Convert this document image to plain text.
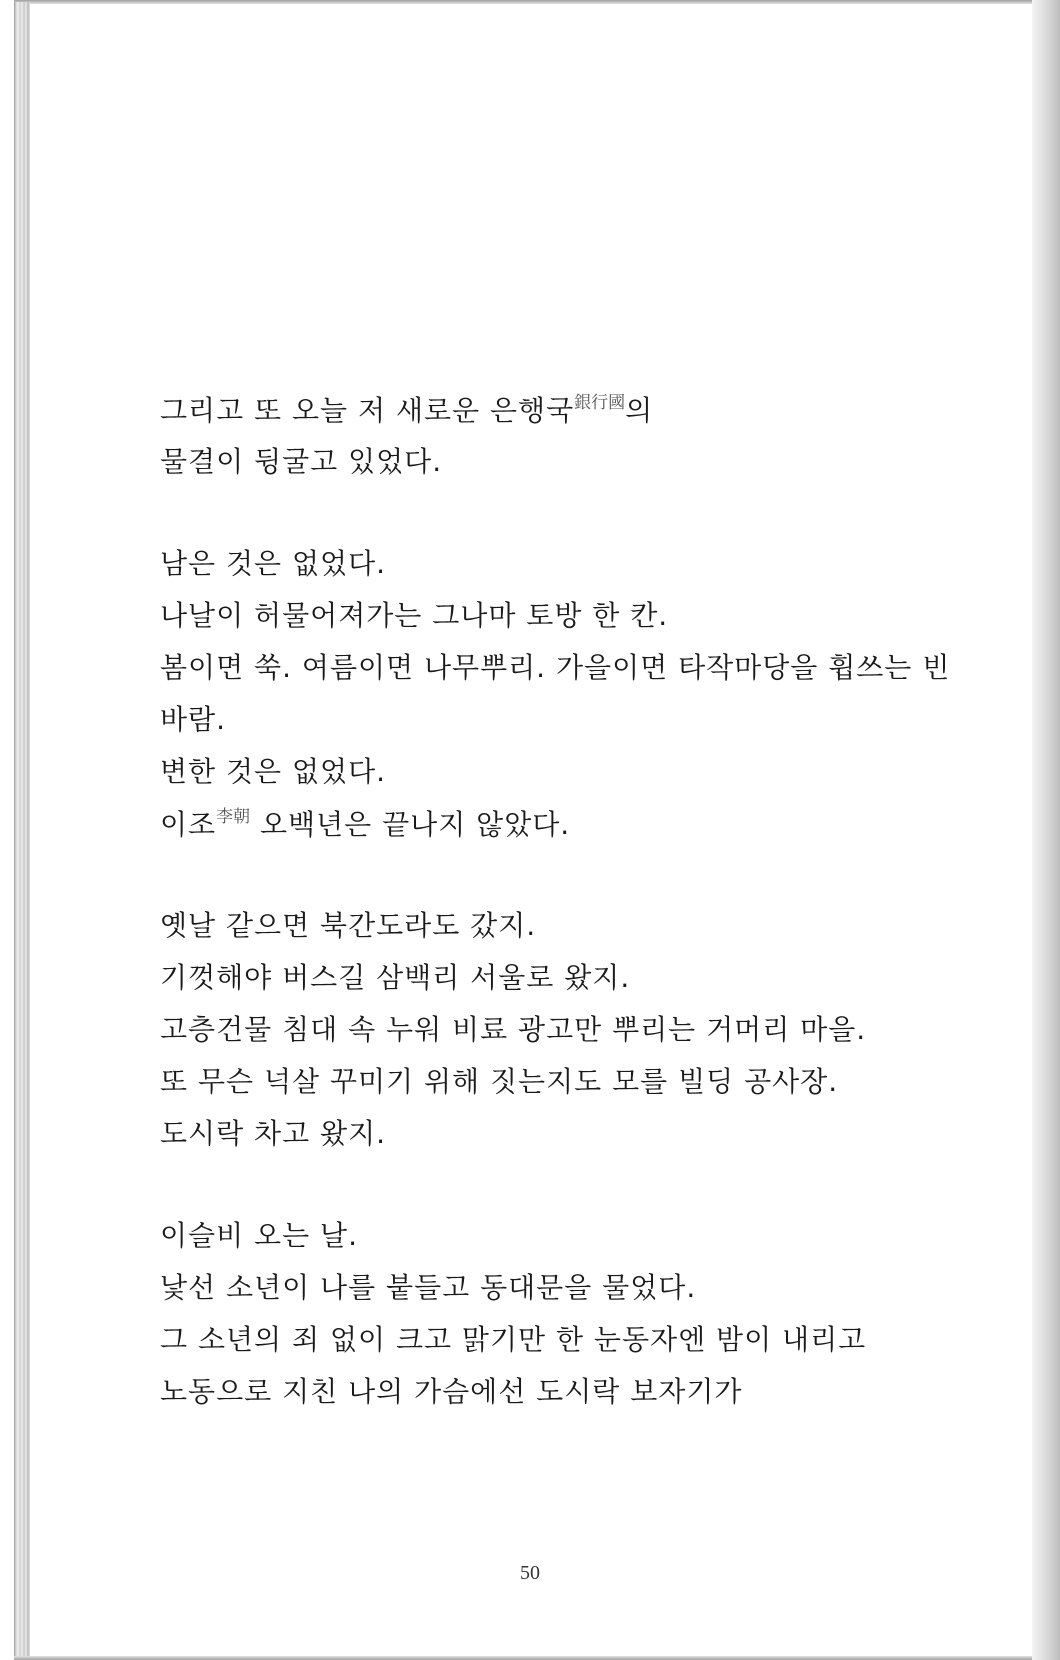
그리고 또 오늘 저 새로운 은행국$^{銀行國}$의
물결이 뒹굴고 있었다.
남은 것은 없었다.
나날이 허물어져가는 그나마 토방 한 칸.
봄이면 쑥. 여름이면 나무뿌리. 가을이면 타작마당을 휩쓰는 빈
바람.
변한 것은 없었다.
이조$^{李朝}$ 오백년은 끝나지 않았다.
옛날 같으면 북간도라도 갔지.
기껏해야 버스길 삼백리 서울로 왔지.
고층건물 침대 속 누워 비료 광고만 뿌리는 거머리 마을.
또 무슨 넉살 꾸미기 위해 짓는지도 모를 빌딩 공사장.
도시락 차고 왔지.
이슬비 오는 날.
낯선 소년이 나를 붙들고 동대문을 물었다.
그 소년의 죄 없이 크고 맑기만 한 눈동자엔 밤이 내리고
노동으로 지친 나의 가슴에선 도시락 보자기가
50
